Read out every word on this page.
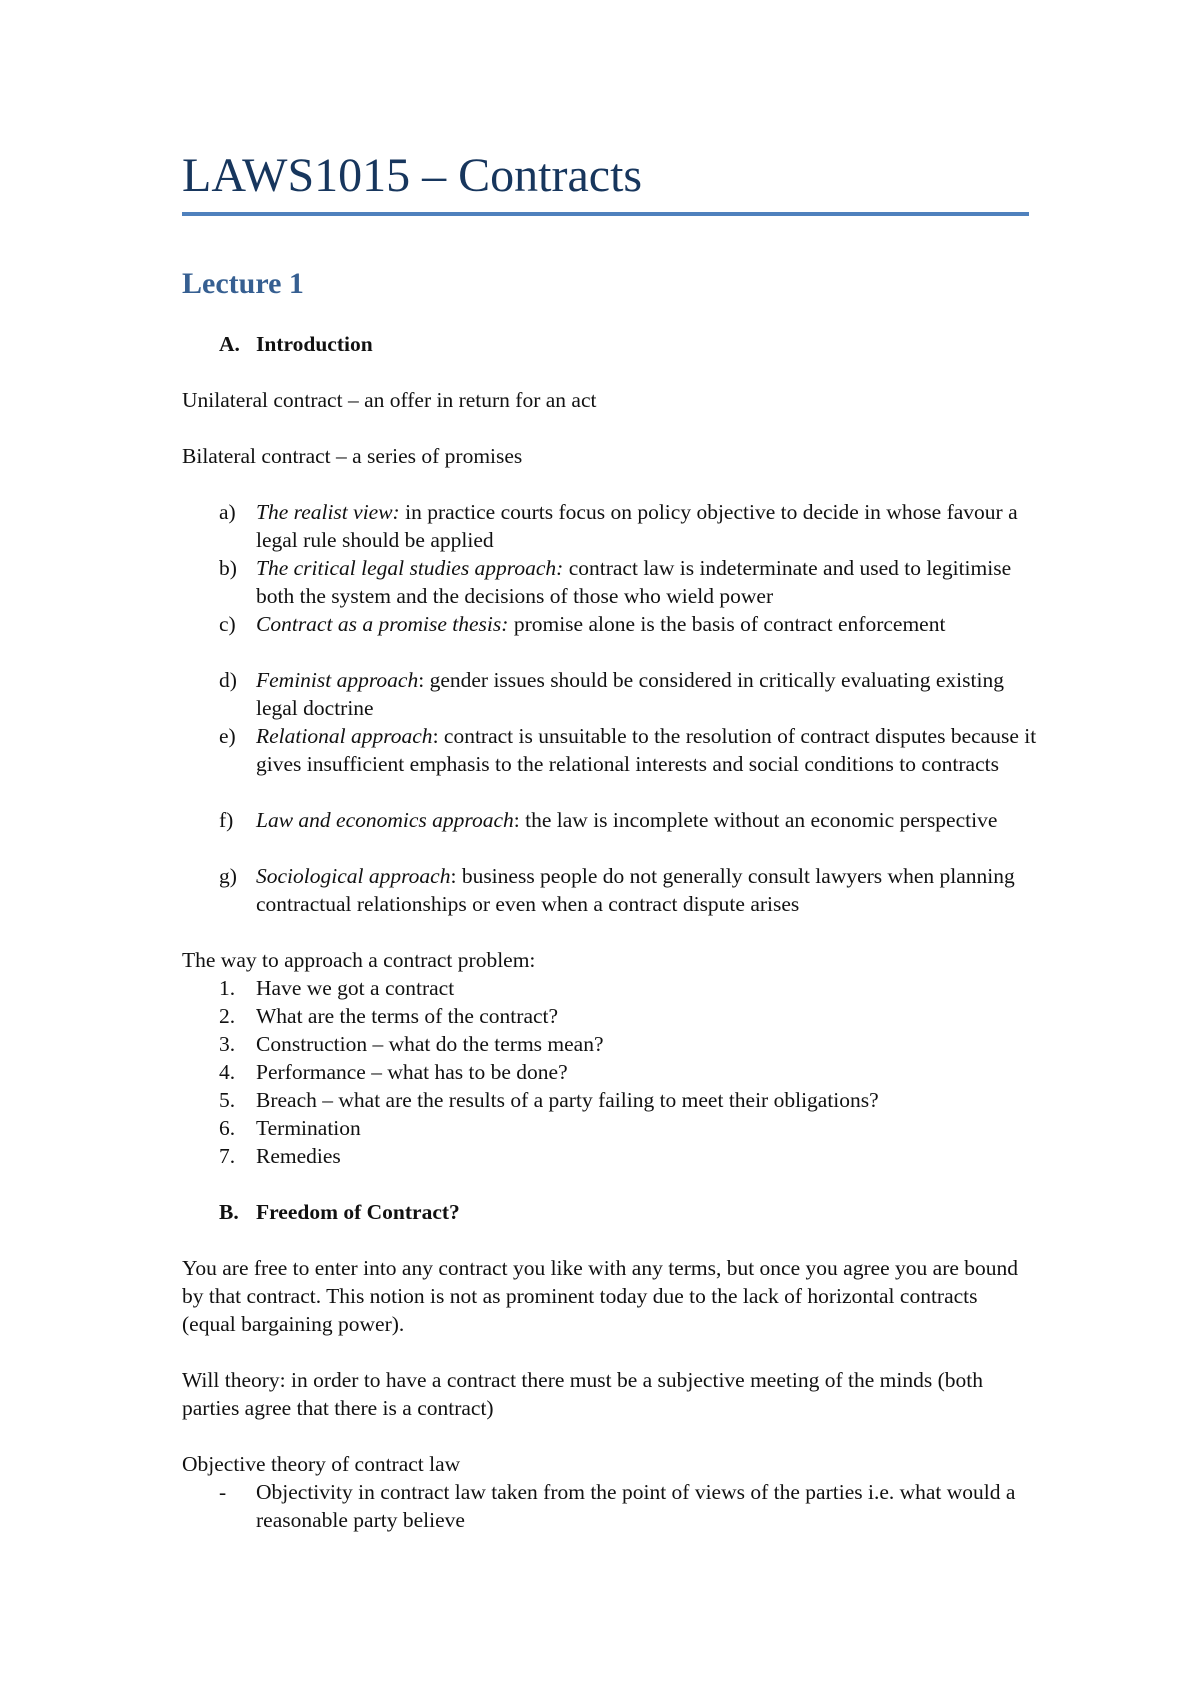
LAWS1015 – Contracts
Lecture 1
A. Introduction

Unilateral contract – an offer in return for an act

Bilateral contract – a series of promises

a) The realist view: in practice courts focus on policy objective to decide in whose favour a legal rule should be applied
b) The critical legal studies approach: contract law is indeterminate and used to legitimise both the system and the decisions of those who wield power
c) Contract as a promise thesis: promise alone is the basis of contract enforcement
d) Feminist approach: gender issues should be considered in critically evaluating existing legal doctrine
e) Relational approach: contract is unsuitable to the resolution of contract disputes because it gives insufficient emphasis to the relational interests and social conditions to contracts
f) Law and economics approach: the law is incomplete without an economic perspective
g) Sociological approach: business people do not generally consult lawyers when planning contractual relationships or even when a contract dispute arises

The way to approach a contract problem:

1. Have we got a contract
2. What are the terms of the contract?
3. Construction – what do the terms mean?
4. Performance – what has to be done?
5. Breach – what are the results of a party failing to meet their obligations?
6. Termination
7. Remedies
B. Freedom of Contract?

You are free to enter into any contract you like with any terms, but once you agree you are bound by that contract. This notion is not as prominent today due to the lack of horizontal contracts (equal bargaining power).

Will theory: in order to have a contract there must be a subjective meeting of the minds (both parties agree that there is a contract)

Objective theory of contract law

- Objectivity in contract law taken from the point of views of the parties i.e. what would a reasonable party believe
